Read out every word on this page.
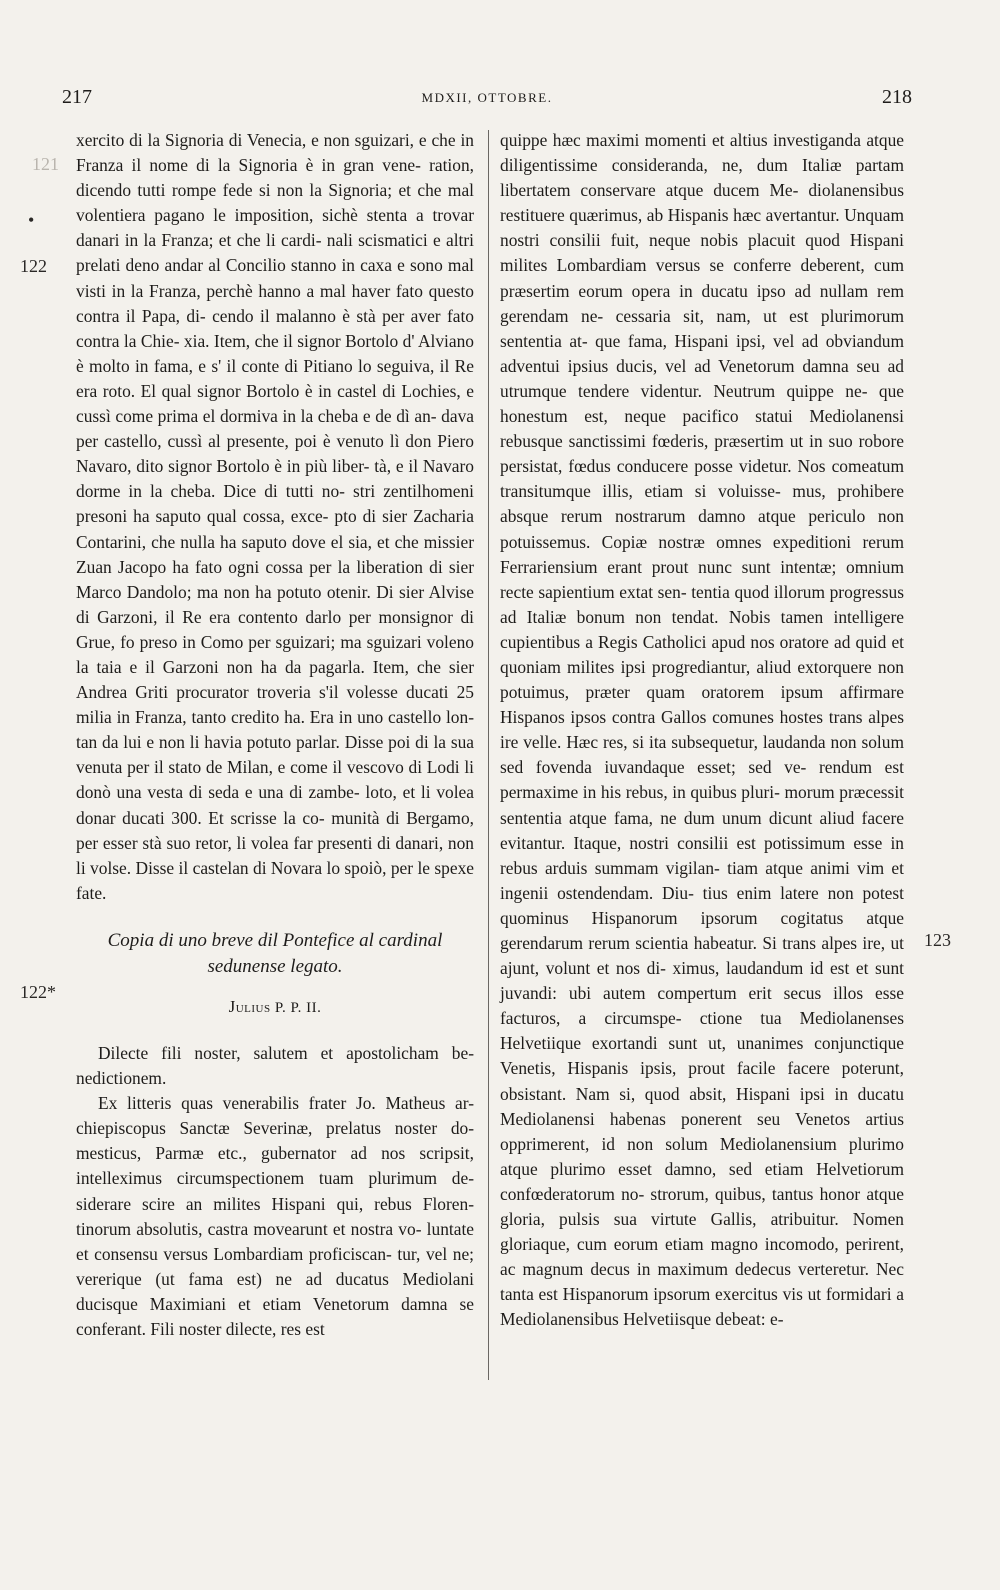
217	MDXII, OTTOBRE.	218
121
•
122
122*
123

xercito di la Signoria di Venecia, e non sguizari, e che in Franza il nome di la Signoria è in gran vene- ration, dicendo tutti rompe fede si non la Signoria; et che mal volentiera pagano le imposition, sichè stenta a trovar danari in la Franza; et che li cardi- nali scismatici e altri prelati deno andar al Concilio stanno in caxa e sono mal visti in la Franza, perchè hanno a mal haver fato questo contra il Papa, di- cendo il malanno è stà per aver fato contra la Chie- xia. Item, che il signor Bortolo d' Alviano è molto in fama, e s' il conte di Pitiano lo seguiva, il Re era roto. El qual signor Bortolo è in castel di Lochies, e cussì come prima el dormiva in la cheba e de dì an- dava per castello, cussì al presente, poi è venuto lì don Piero Navaro, dito signor Bortolo è in più liber- tà, e il Navaro dorme in la cheba. Dice di tutti no- stri zentilhomeni presoni ha saputo qual cossa, exce- pto di sier Zacharia Contarini, che nulla ha saputo dove el sia, et che missier Zuan Jacopo ha fato ogni cossa per la liberation di sier Marco Dandolo; ma non ha potuto otenir. Di sier Alvise di Garzoni, il Re era contento darlo per monsignor di Grue, fo preso in Como per sguizari; ma sguizari voleno la taia e il Garzoni non ha da pagarla. Item, che sier Andrea Griti procurator troveria s'il volesse ducati 25 milia in Franza, tanto credito ha. Era in uno castello lon- tan da lui e non li havia potuto parlar. Disse poi di la sua venuta per il stato de Milan, e come il vescovo di Lodi li donò una vesta di seda e una di zambe- loto, et li volea donar ducati 300. Et scrisse la co- munità di Bergamo, per esser stà suo retor, li volea far presenti di danari, non li volse. Disse il castelan di Novara lo spoiò, per le spexe fate.

Copia di uno breve dil Pontefice al cardinal
sedunense legato.
Julius P. P. II.

Dilecte fili noster, salutem et apostolicham be- nedictionem.

Ex litteris quas venerabilis frater Jo. Matheus ar- chiepiscopus Sanctæ Severinæ, prelatus noster do- mesticus, Parmæ etc., gubernator ad nos scripsit, intelleximus circumspectionem tuam plurimum de- siderare scire an milites Hispani qui, rebus Floren- tinorum absolutis, castra movearunt et nostra vo- luntate et consensu versus Lombardiam proficiscan- tur, vel ne; vererique (ut fama est) ne ad ducatus Mediolani ducisque Maximiani et etiam Venetorum damna se conferant. Fili noster dilecte, res est

quippe hæc maximi momenti et altius investiganda atque diligentissime consideranda, ne, dum Italiæ partam libertatem conservare atque ducem Me- diolanensibus restituere quærimus, ab Hispanis hæc avertantur. Unquam nostri consilii fuit, neque nobis placuit quod Hispani milites Lombardiam versus se conferre deberent, cum præsertim eorum opera in ducatu ipso ad nullam rem gerendam ne- cessaria sit, nam, ut est plurimorum sententia at- que fama, Hispani ipsi, vel ad obviandum adventui ipsius ducis, vel ad Venetorum damna seu ad utrumque tendere videntur. Neutrum quippe ne- que honestum est, neque pacifico statui Mediolanensi rebusque sanctissimi fœderis, præsertim ut in suo robore persistat, fœdus conducere posse videtur. Nos comeatum transitumque illis, etiam si voluisse- mus, prohibere absque rerum nostrarum damno atque periculo non potuissemus. Copiæ nostræ omnes expeditioni rerum Ferrariensium erant prout nunc sunt intentæ; omnium recte sapientium extat sen- tentia quod illorum progressus ad Italiæ bonum non tendat. Nobis tamen intelligere cupientibus a Regis Catholici apud nos oratore ad quid et quoniam milites ipsi progrediantur, aliud extorquere non potuimus, præter quam oratorem ipsum affirmare Hispanos ipsos contra Gallos comunes hostes trans alpes ire velle. Hæc res, si ita subsequetur, laudanda non solum sed fovenda iuvandaque esset; sed ve- rendum est permaxime in his rebus, in quibus pluri- morum præcessit sententia atque fama, ne dum unum dicunt aliud facere evitantur. Itaque, nostri consilii est potissimum esse in rebus arduis summam vigilan- tiam atque animi vim et ingenii ostendendam. Diu- tius enim latere non potest quominus Hispanorum ipsorum cogitatus atque gerendarum rerum scientia habeatur. Si trans alpes ire, ut ajunt, volunt et nos di- ximus, laudandum id est et sunt juvandi: ubi autem compertum erit secus illos esse facturos, a circumspe- ctione tua Mediolanenses Helvetiique exortandi sunt ut, unanimes conjunctique Venetis, Hispanis ipsis, prout facile facere poterunt, obsistant. Nam si, quod absit, Hispani ipsi in ducatu Mediolanensi habenas ponerent seu Venetos artius opprimerent, id non solum Mediolanensium plurimo atque plurimo esset damno, sed etiam Helvetiorum confœderatorum no- strorum, quibus, tantus honor atque gloria, pulsis sua virtute Gallis, atribuitur. Nomen gloriaque, cum eorum etiam magno incomodo, perirent, ac magnum decus in maximum dedecus verteretur. Nec tanta est Hispanorum ipsorum exercitus vis ut formidari a Mediolanensibus Helvetiisque debeat: e-
